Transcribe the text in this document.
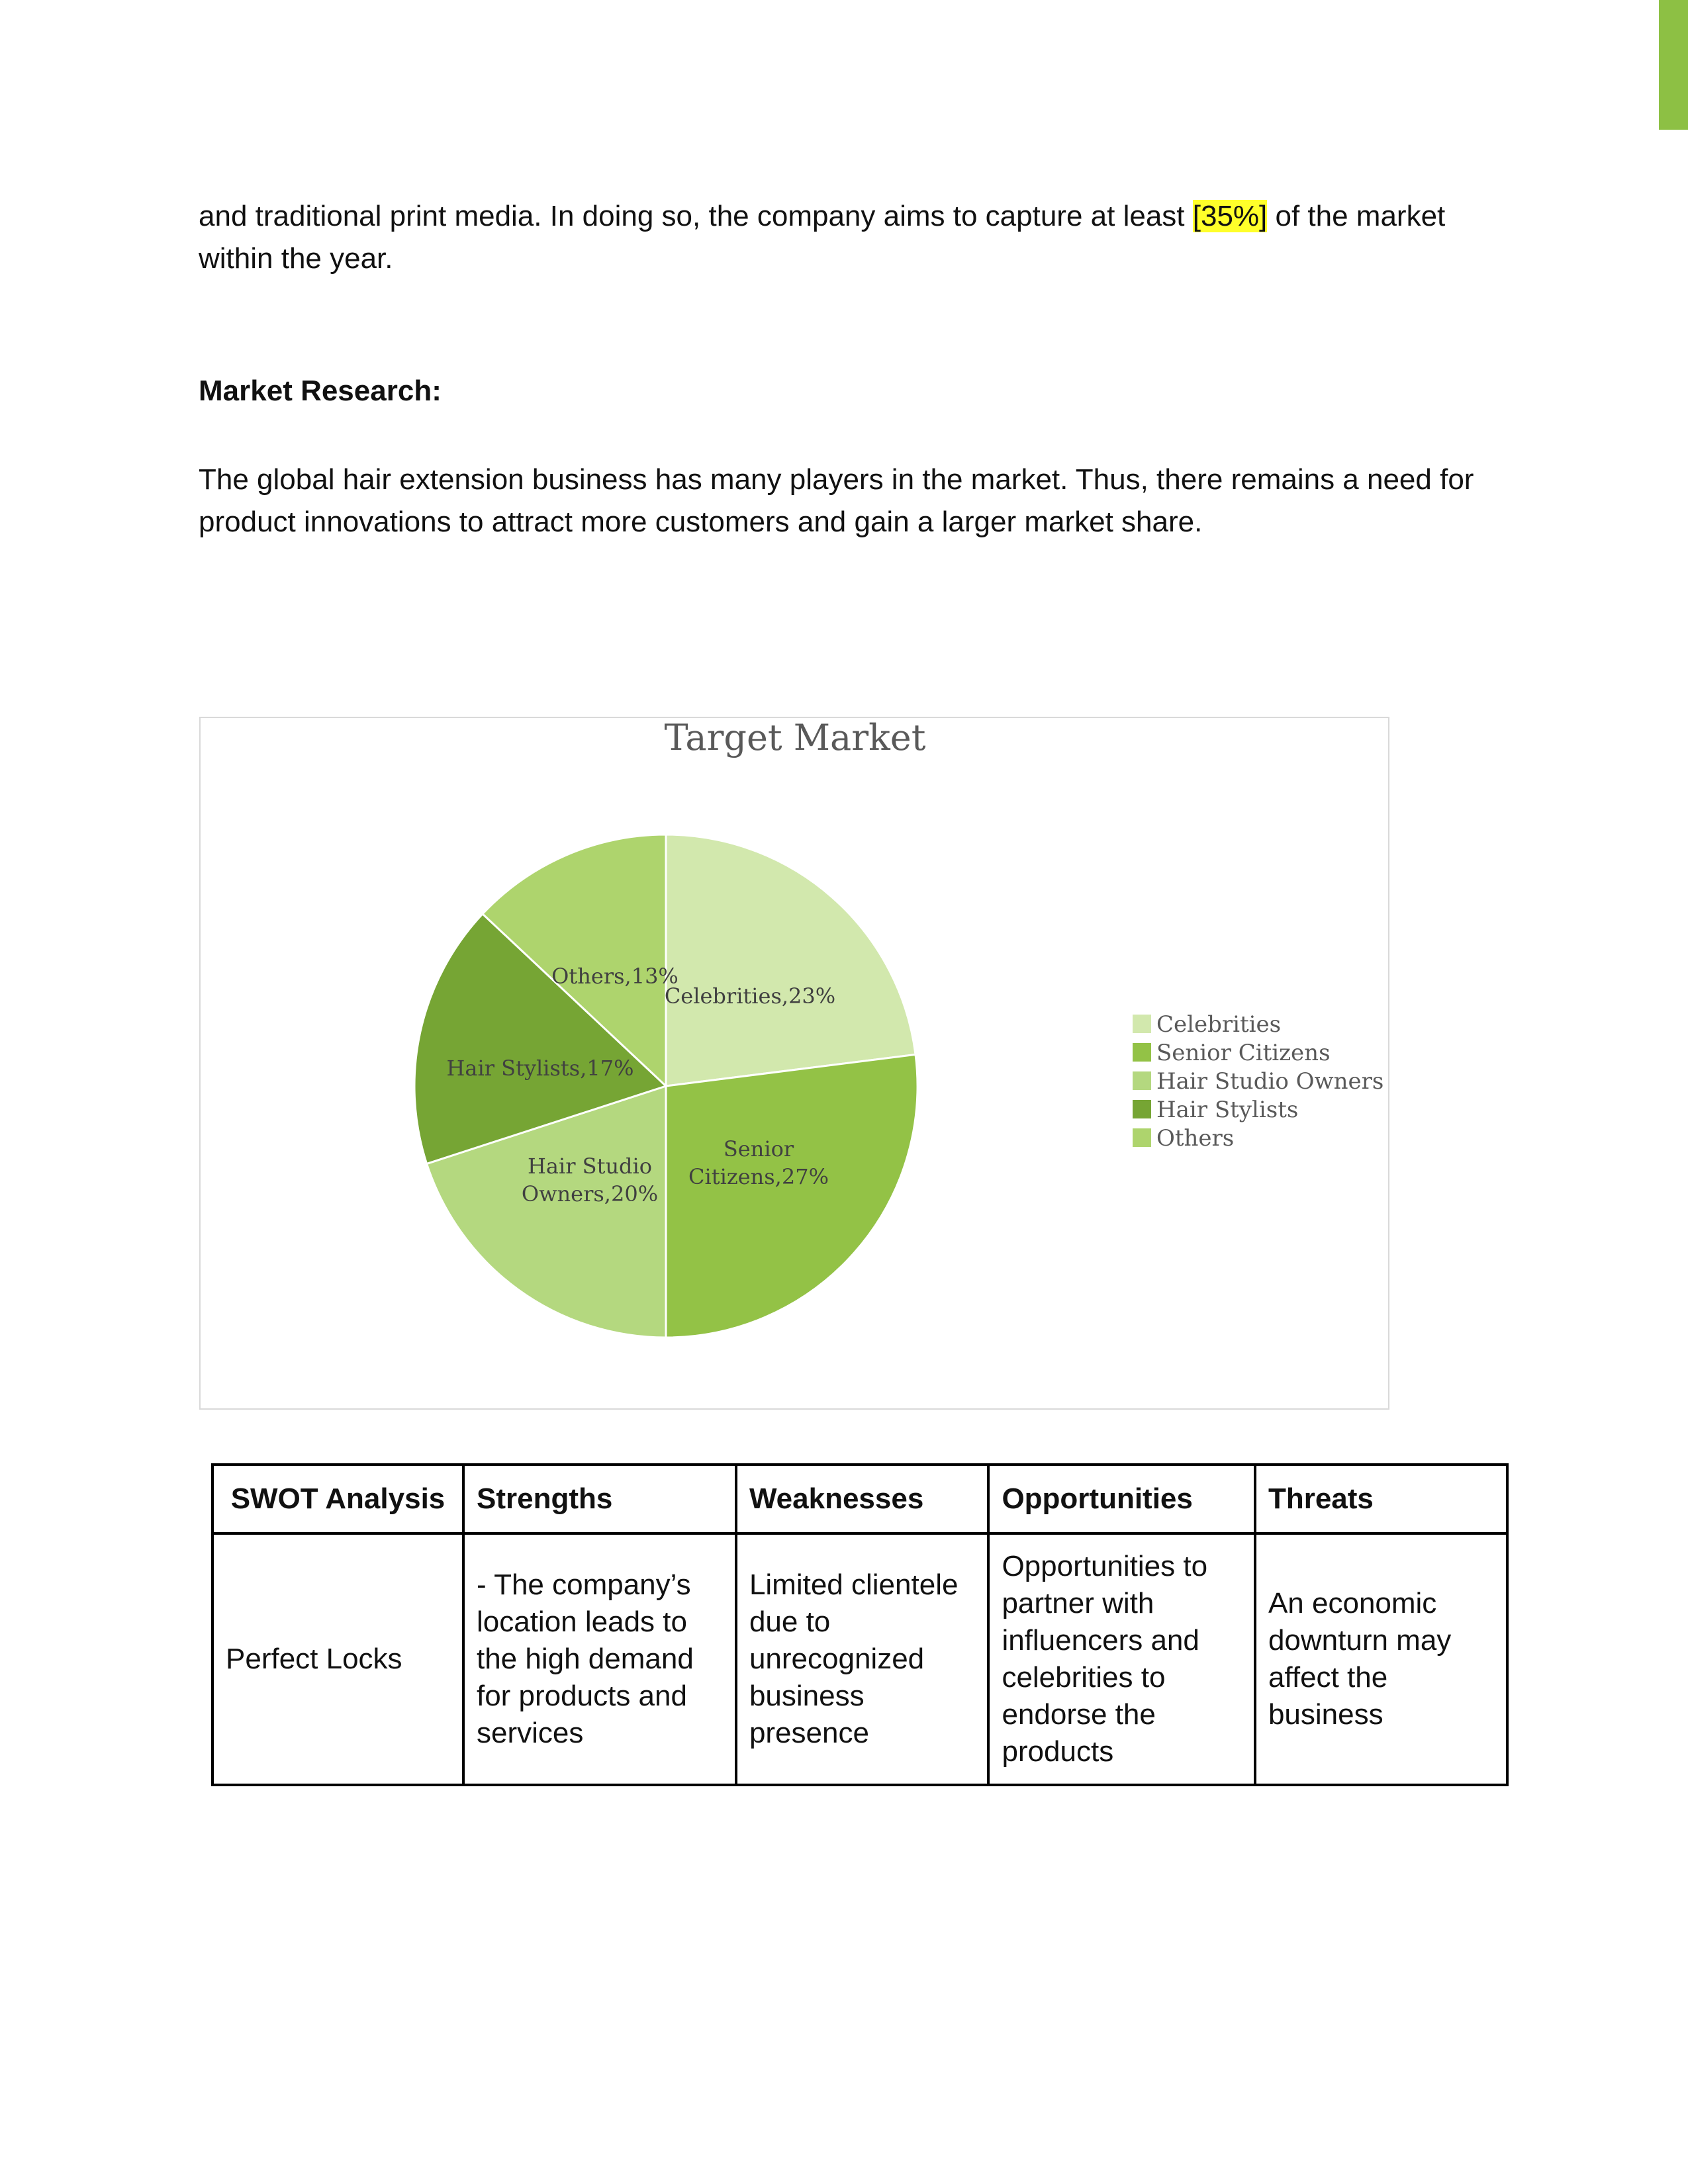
and traditional print media. In doing so, the company aims to capture at least [35%] of the market within the year.

Market Research:

The global hair extension business has many players in the market. Thus, there remains a need for product innovations to attract more customers and gain a larger market share.

Target Market
Celebrities,23%
Senior Citizens,27%
Hair Studio Owners,20%
Hair Stylists,17%
Others,13%
Celebrities
Senior Citizens
Hair Studio Owners
Hair Stylists
Others
SWOT Analysis	Strengths	Weaknesses	Opportunities	Threats
Perfect Locks	- The company’s location leads to the high demand for products and services	Limited clientele due to unrecognized business presence	Opportunities to partner with influencers and celebrities to endorse the products	An economic downturn may affect the business
